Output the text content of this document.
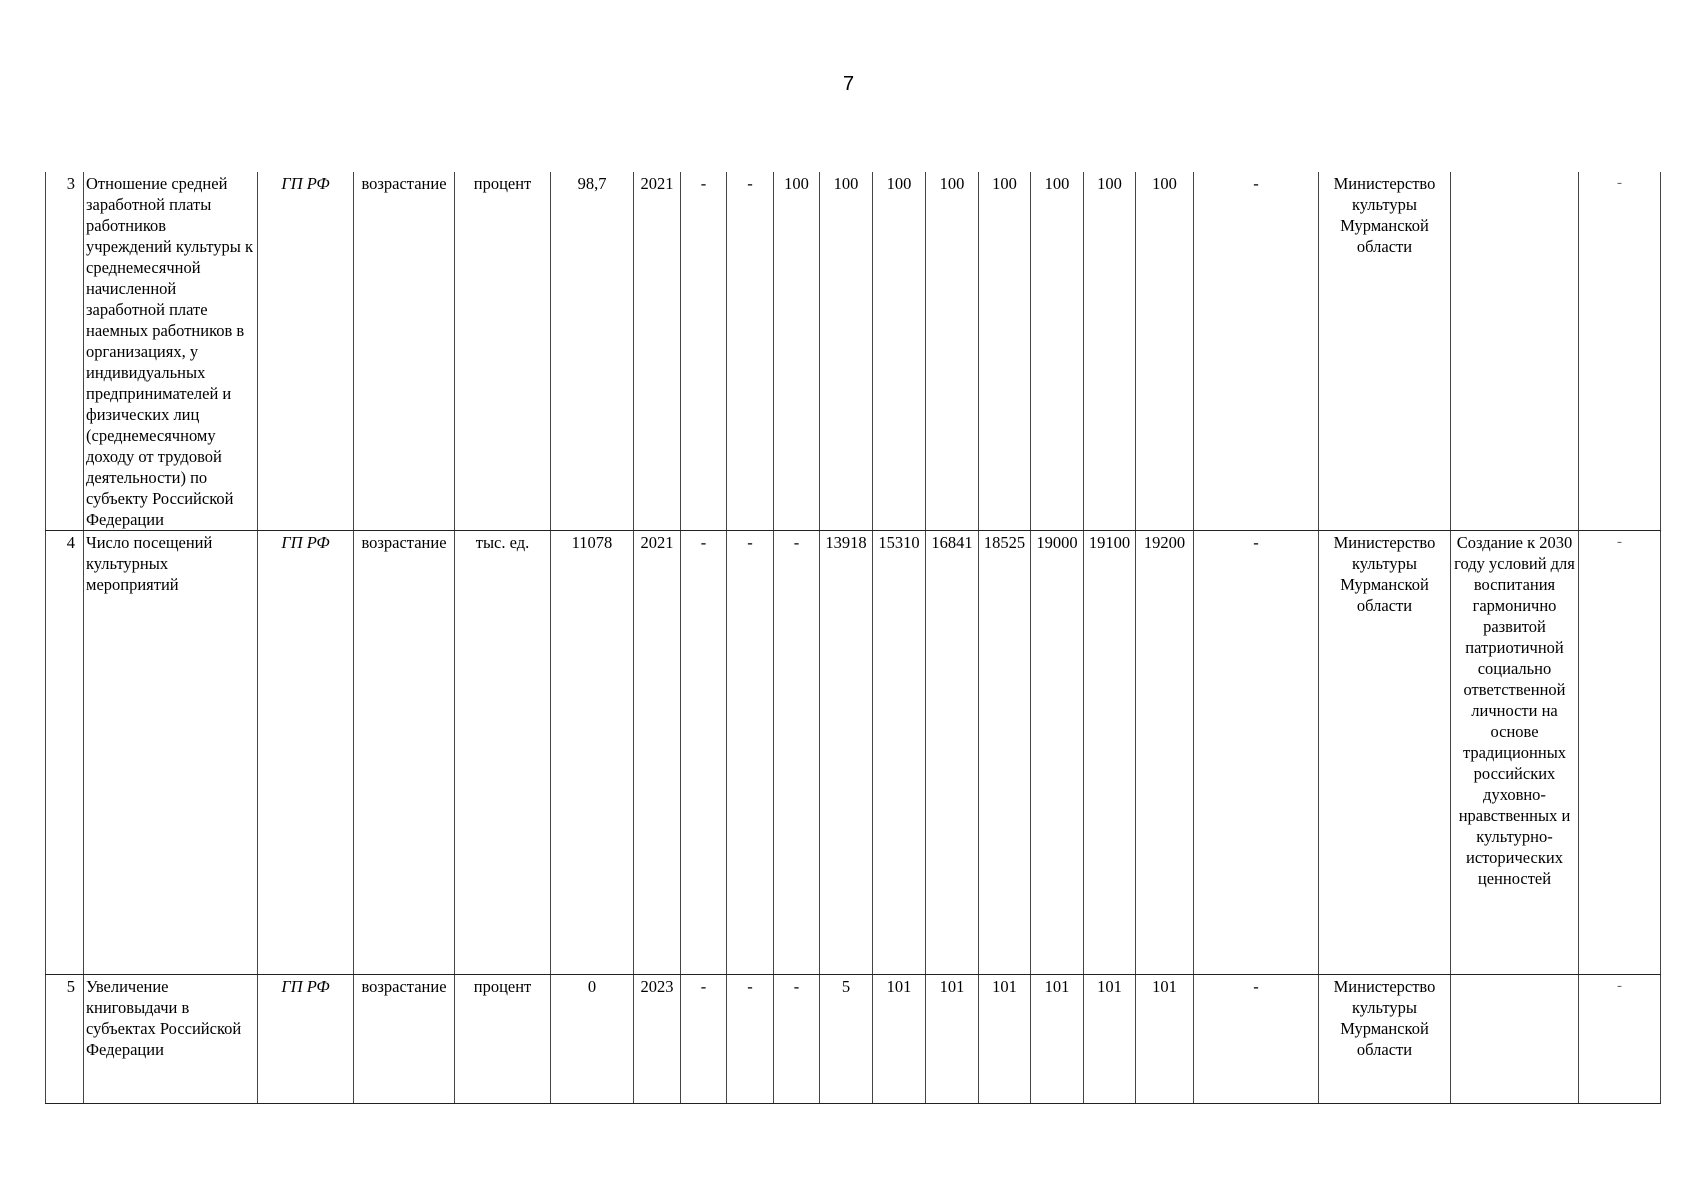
7
3	Отношение средней заработной платы работников учреждений культуры к среднемесячной начисленной заработной плате наемных работников в организациях, у индивидуальных предпринимателей и физических лиц (среднемесячному доходу от трудовой деятельности) по субъекту Российской Федерации	ГП РФ	возрастание	процент	98,7	2021	-	-	100	100	100	100	100	100	100	100	-	Министерство культуры Мурманской области		-
4	Число посещений культурных мероприятий	ГП РФ	возрастание	тыс. ед.	11078	2021	-	-	-	13918	15310	16841	18525	19000	19100	19200	-	Министерство культуры Мурманской области	Создание к 2030 году условий для воспитания гармонично развитой патриотичной социально ответственной личности на основе традиционных российских духовно-нравственных и культурно-исторических ценностей	-
5	Увеличение книговыдачи в субъектах Российской Федерации	ГП РФ	возрастание	процент	0	2023	-	-	-	5	101	101	101	101	101	101	-	Министерство культуры Мурманской области		-
